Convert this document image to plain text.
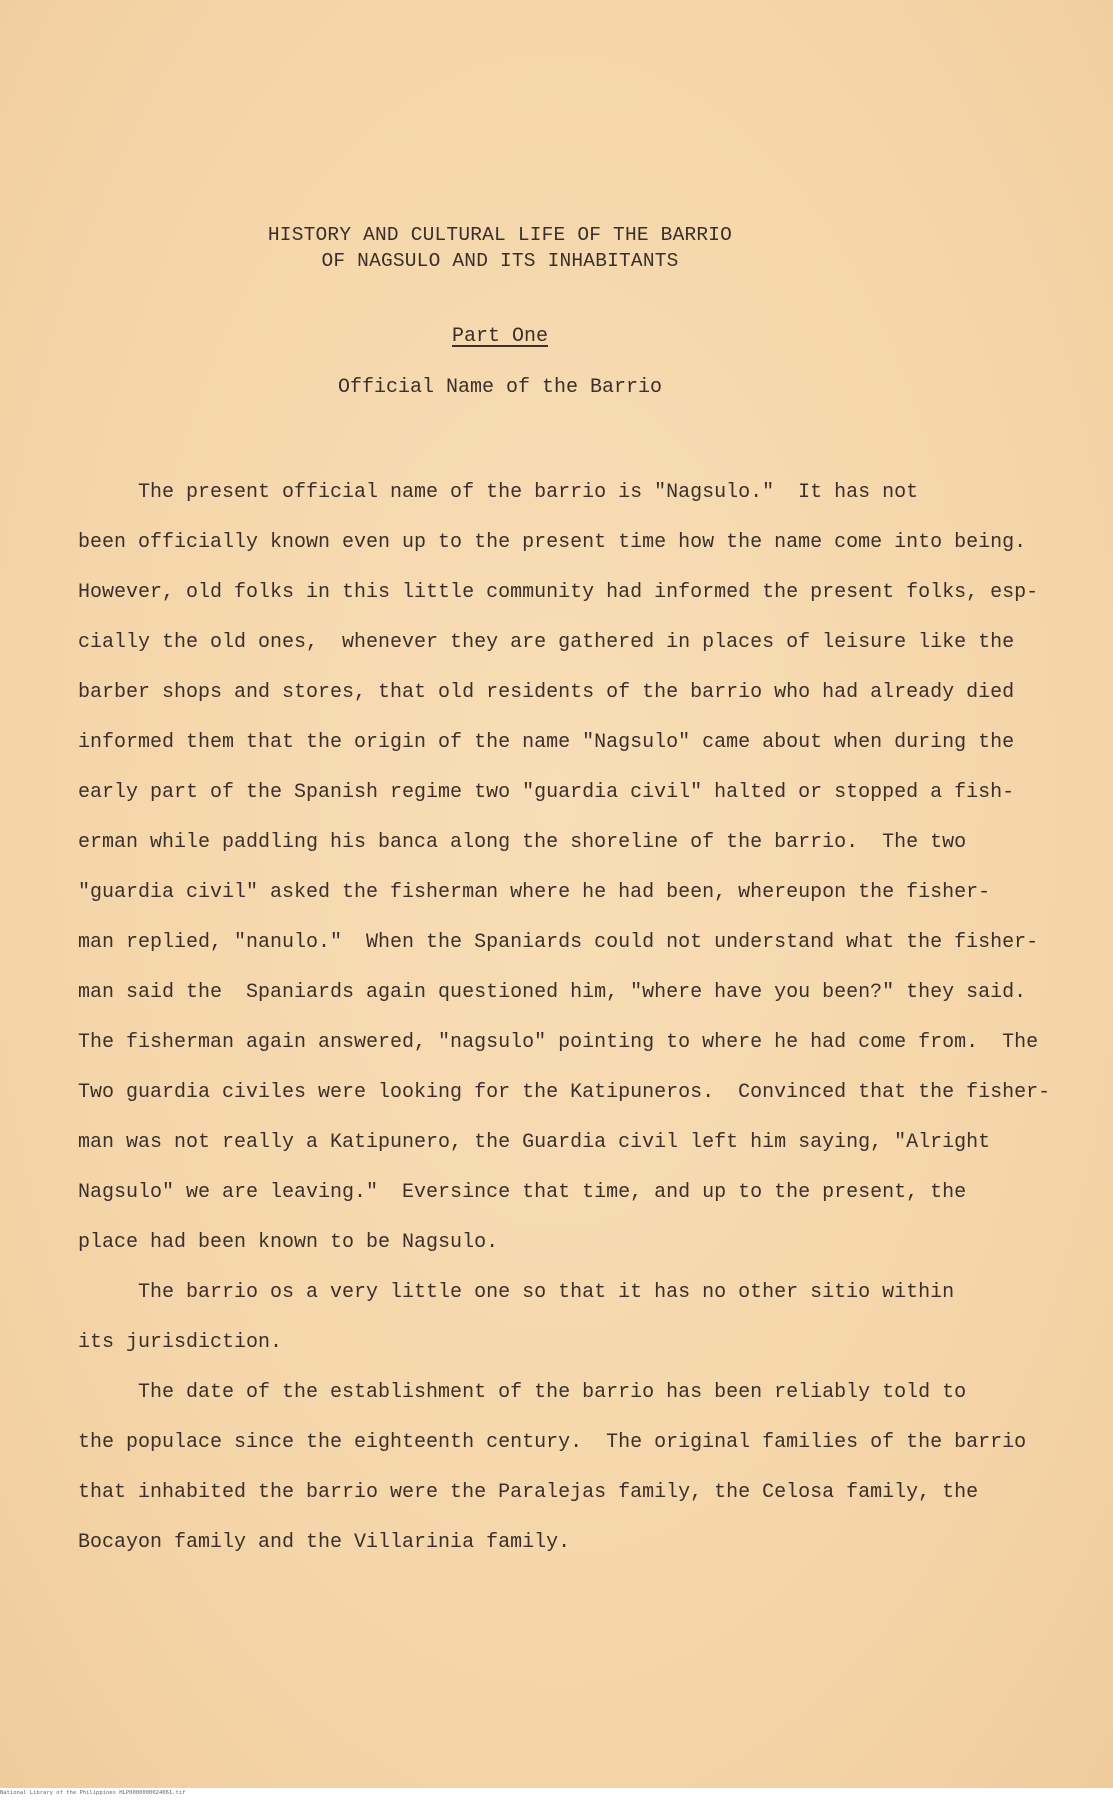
HISTORY AND CULTURAL LIFE OF THE BARRIO
OF NAGSULO AND ITS INHABITANTS
Part One
Official Name of the Barrio
The present official name of the barrio is "Nagsulo."  It has not
been officially known even up to the present time how the name come into being.
However, old folks in this little community had informed the present folks, esp-
cially the old ones,  whenever they are gathered in places of leisure like the
barber shops and stores, that old residents of the barrio who had already died
informed them that the origin of the name "Nagsulo" came about when during the
early part of the Spanish regime two "guardia civil" halted or stopped a fish-
erman while paddling his banca along the shoreline of the barrio.  The two
"guardia civil" asked the fisherman where he had been, whereupon the fisher-
man replied, "nanulo."  When the Spaniards could not understand what the fisher-
man said the  Spaniards again questioned him, "where have you been?" they said.
The fisherman again answered, "nagsulo" pointing to where he had come from.  The
Two guardia civiles were looking for the Katipuneros.  Convinced that the fisher-
man was not really a Katipunero, the Guardia civil left him saying, "Alright
Nagsulo" we are leaving."  Eversince that time, and up to the present, the
place had been known to be Nagsulo.
The barrio os a very little one so that it has no other sitio within
its jurisdiction.
The date of the establishment of the barrio has been reliably told to
the populace since the eighteenth century.  The original families of the barrio
that inhabited the barrio were the Paralejas family, the Celosa family, the
Bocayon family and the Villarinia family.
National Library of the Philippines HLP0000000024061.tif
